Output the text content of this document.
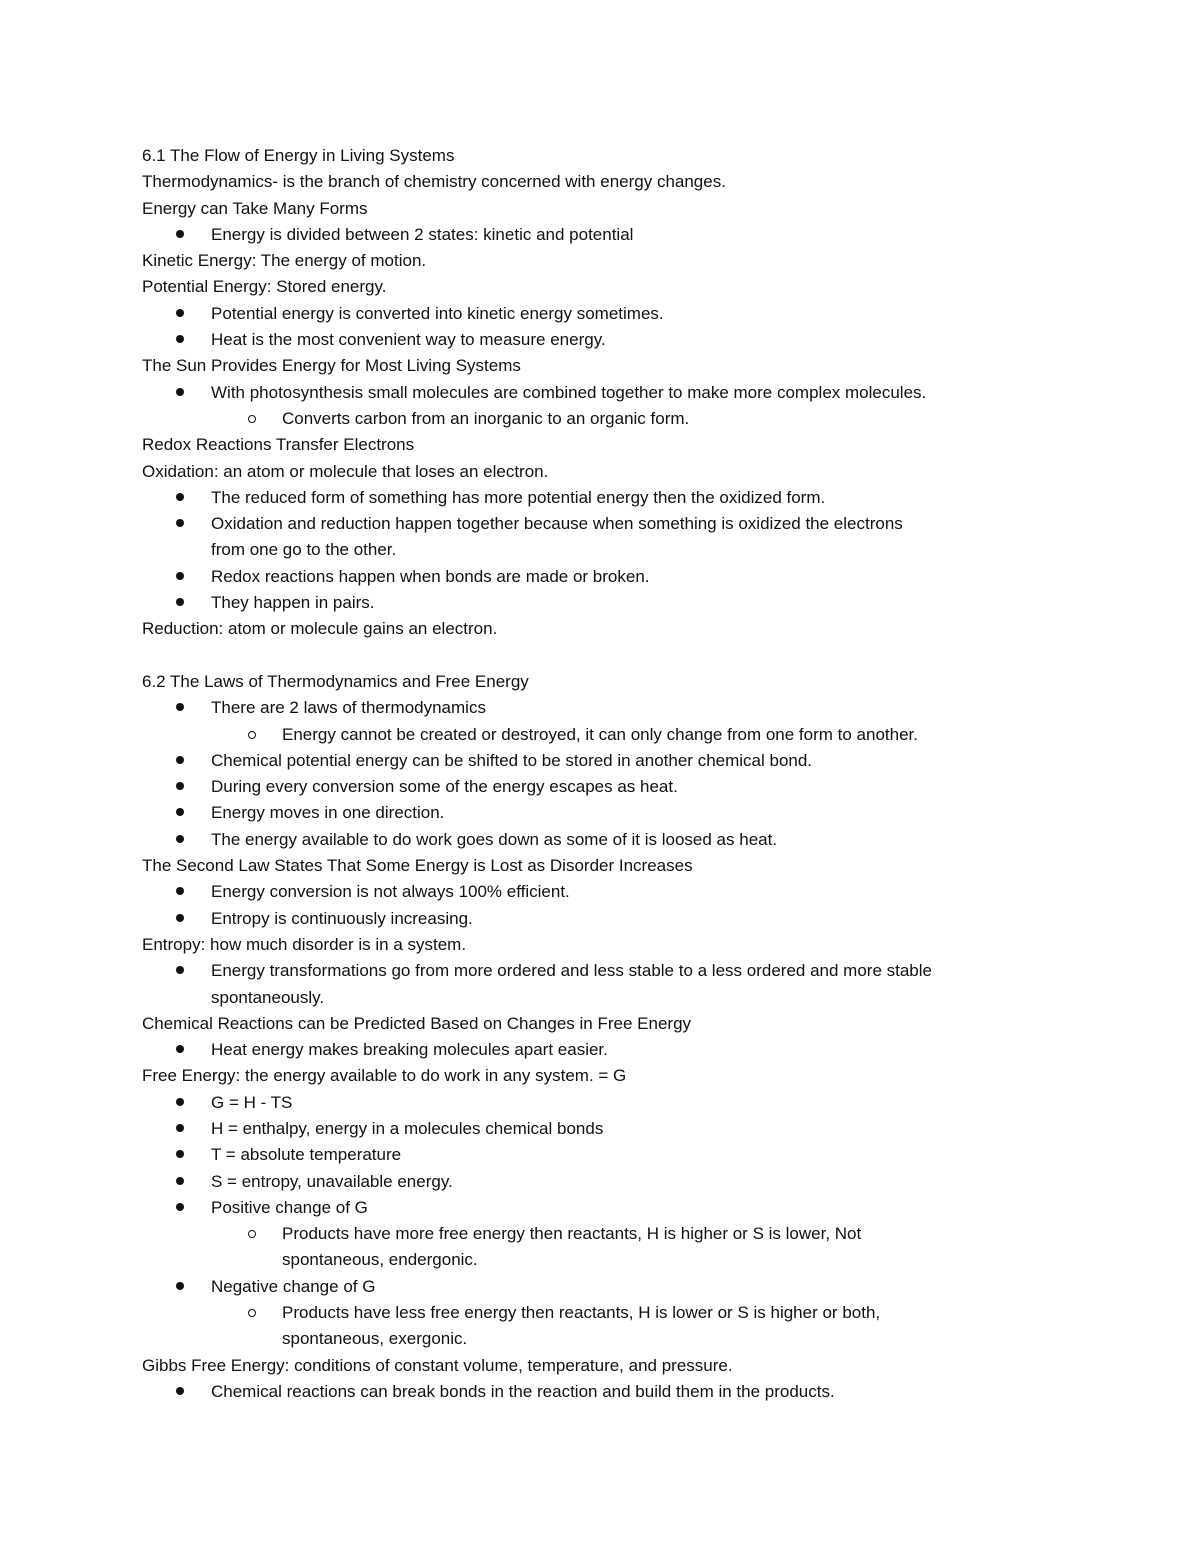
6.1 The Flow of Energy in Living Systems
Thermodynamics- is the branch of chemistry concerned with energy changes.
Energy can Take Many Forms
Energy is divided between 2 states: kinetic and potential
Kinetic Energy: The energy of motion.
Potential Energy: Stored energy.
Potential energy is converted into kinetic energy sometimes.
Heat is the most convenient way to measure energy.
The Sun Provides Energy for Most Living Systems
With photosynthesis small molecules are combined together to make more complex molecules.
Converts carbon from an inorganic to an organic form.
Redox Reactions Transfer Electrons
Oxidation: an atom or molecule that loses an electron.
The reduced form of something has more potential energy then the oxidized form.
Oxidation and reduction happen together because when something is oxidized the electrons
from one go to the other.
Redox reactions happen when bonds are made or broken.
They happen in pairs.
Reduction: atom or molecule gains an electron.
6.2 The Laws of Thermodynamics and Free Energy
There are 2 laws of thermodynamics
Energy cannot be created or destroyed, it can only change from one form to another.
Chemical potential energy can be shifted to be stored in another chemical bond.
During every conversion some of the energy escapes as heat.
Energy moves in one direction.
The energy available to do work goes down as some of it is loosed as heat.
The Second Law States That Some Energy is Lost as Disorder Increases
Energy conversion is not always 100% efficient.
Entropy is continuously increasing.
Entropy: how much disorder is in a system.
Energy transformations go from more ordered and less stable to a less ordered and more stable
spontaneously.
Chemical Reactions can be Predicted Based on Changes in Free Energy
Heat energy makes breaking molecules apart easier.
Free Energy: the energy available to do work in any system. = G
G = H - TS
H = enthalpy, energy in a molecules chemical bonds
T = absolute temperature
S = entropy, unavailable energy.
Positive change of G
Products have more free energy then reactants, H is higher or S is lower, Not
spontaneous, endergonic.
Negative change of G
Products have less free energy then reactants, H is lower or S is higher or both,
spontaneous, exergonic.
Gibbs Free Energy: conditions of constant volume, temperature, and pressure.
Chemical reactions can break bonds in the reaction and build them in the products.
